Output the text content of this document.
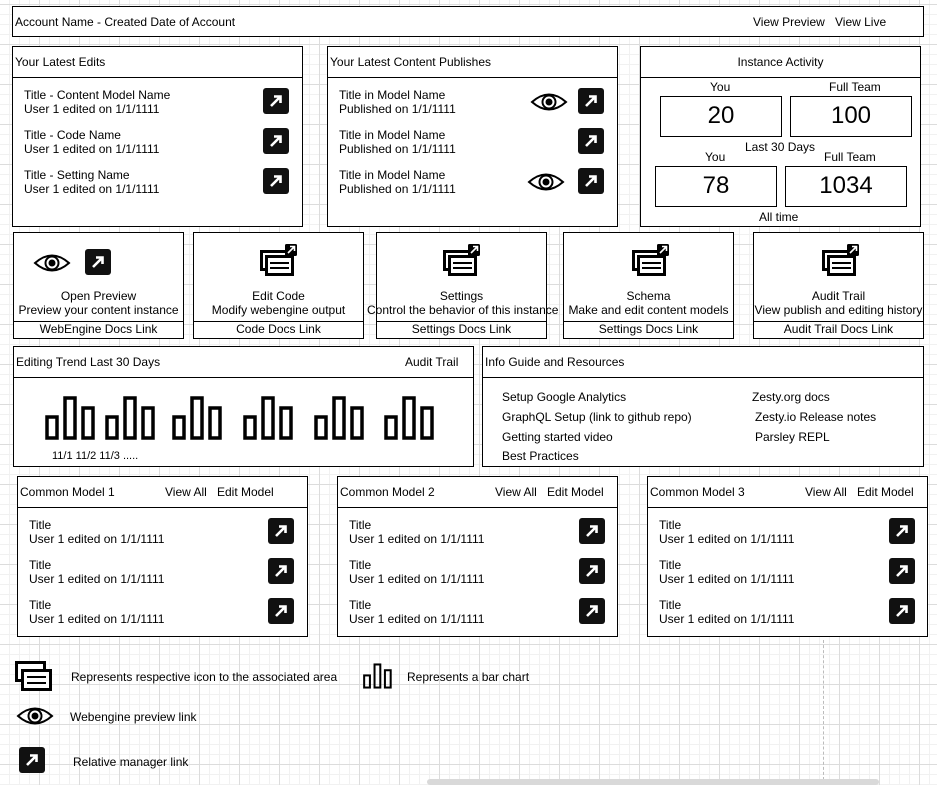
Account Name - Created Date of Account	View Preview View Live
Your Latest Edits
Title - Content Model Name
User 1 edited on 1/1/1111
Title - Code Name
User 1 edited on 1/1/1111
Title - Setting Name
User 1 edited on 1/1/1111
Your Latest Content Publishes
Title in Model Name
Published on 1/1/1111
Title in Model Name
Published on 1/1/1111
Title in Model Name
Published on 1/1/1111
Instance Activity
You	Full Team
20	100
Last 30 Days
You	Full Team
78	1034
All time
Open Preview
Preview your content instance
WebEngine Docs Link
Edit Code
Modify webengine output
Code Docs Link
Settings
Control the behavior of this instance
Settings Docs Link
Schema
Make and edit content models
Settings Docs Link
Audit Trail
View publish and editing history
Audit Trail Docs Link
Editing Trend Last 30 Days	Audit Trail
11/1 11/2 11/3 .....
Info Guide and Resources
Setup Google Analytics
GraphQL Setup (link to github repo)
Getting started video
Best Practices
Zesty.org docs
Zesty.io Release notes
Parsley REPL
Common Model 1	View All Edit Model
Title
User 1 edited on 1/1/1111
Title
User 1 edited on 1/1/1111
Title
User 1 edited on 1/1/1111
Common Model 2	View All Edit Model
Title
User 1 edited on 1/1/1111
Title
User 1 edited on 1/1/1111
Title
User 1 edited on 1/1/1111
Common Model 3	View All Edit Model
Title
User 1 edited on 1/1/1111
Title
User 1 edited on 1/1/1111
Title
User 1 edited on 1/1/1111
Represents respective icon to the associated area	Represents a bar chart
Webengine preview link
Relative manager link
